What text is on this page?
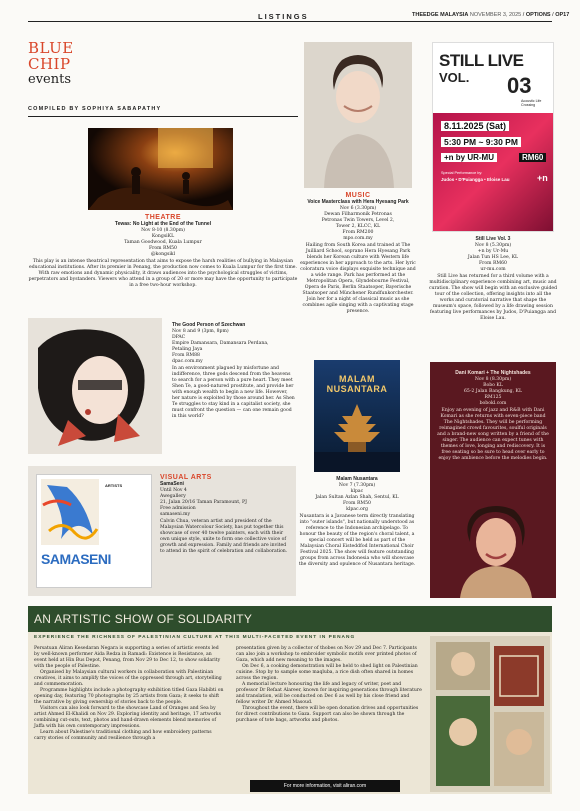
LISTINGS	THEEDGE MALAYSIA NOVEMBER 3, 2025 / OPTIONS / OP17
BLUE
CHIP
events
COMPILED BY SOPHIYA SABAPATHY
THEATRE
Tewas: No Light at the End of the Tunnel
Nov 8-10 (8.30pm)
KongsiKL
Taman Goodwood, Kuala Lumpur
From RM50
@kongsikl
This play is an intense theatrical representation that aims to expose the harsh realities of bullying in Malaysian educational institutions. After its premier in Penang, the production now comes to Kuala Lumpur for the first time. With raw emotions and dynamic physicality, it draws audiences into the psychological struggles of victims, perpetrators and bystanders. Viewers who attend in a group of 20 or more may have the opportunity to participate in a free two-hour workshop.
MUSIC
Voice Masterclass with Hera Hyesang Park
Nov 6 (3.30pm)
Dewan Filharmonik Petronas
Petronas Twin Towers, Level 2,
Tower 2, KLCC, KL
From RM200
mpo.com.my
Hailing from South Korea and trained at The Juilliard School, soprano Hera Hyesang Park blends her Korean culture with Western life experiences in her approach to the arts. Her lyric coloratura voice displays exquisite technique and a wide range. Park has performed at the Metropolitan Opera, Glyndebourne Festival, Opera de Paris, Berlin Staatsoper, Bayerische Staatsoper and Münchener Rundfunkorchester. Join her for a night of classical music as she combines agile singing with a captivating stage presence.
STILL LIVE
VOL. 03
Acoustic Life Crossing
8.11.2025 (Sat)
5:30 PM ~ 9:30 PM
+n by UR-MU	RM60
Special Performance by:
Judos • D'Puiangga • Eloise Lau	+n
Still Live Vol. 3
Nov 8 (5.30pm)
+n by Ur-Mu
Jalan Tun HS Lee, KL
From RM60
ur-mu.com
Still Live has returned for a third volume with a multidisciplinary experience combining art, music and curation. The show will begin with an exclusive guided tour of the collection, offering insights into all the works and curatorial narrative that shape the museum's space, followed by a life drawing session featuring live performances by Judos, D'Puiangga and Eloise Lau.
The Good Person of Szechwan
Nov 8 and 9 (3pm, 8pm)
DPAC
Empire Damansara, Damansara Perdana,
Petaling Jaya
From RM88
dpac.com.my
In an environment plagued by misfortune and indifference, three gods descend from the heavens to search for a person with a pure heart. They meet Shen Te, a good-natured prostitute, and provide her with enough wealth to begin a new life. However, her nature is exploited by those around her. As Shen Te struggles to stay kind in a capitalist society, she must confront the question — can one remain good in this world?
MALAM
NUSANTARA
Malam Nusantara
Nov 7 (7.30pm)
klpac
Jalan Sultan Azlan Shah, Sentul, KL
From RM50
klpac.org
Nusantara is a Javanese term directly translating into "outer islands", but nationally understood as reference to the Indonesian archipelago. To honour the beauty of the region's choral talent, a special concert will be held as part of the Malaysian Choral Eisteddfod International Choir Festival 2025. The show will feature outstanding groups from across Indonesia who will showcase the diversity and opulence of Nusantara heritage.
Dani Komari + The Nightshades
Nov 8 (8.30pm)
Bobo KL
65-2 Jalan Bangkung, KL
RM125
bobokl.com
Enjoy an evening of jazz and R&B with Dani Komari as she returns with seven-piece band The Nightshades. They will be performing reimagined crowd favourites, soulful originals and a brand-new song written by a friend of the singer. The audience can expect tunes with themes of love, longing and rediscovery. It is free seating so be sure to head over early to enjoy the ambience before the melodies begin.
ARTISTS
SAMASENI
VISUAL ARTS
SamaSeni
Until Nov 4
Awegallery
21, Jalan 20/16 Taman Paramount, PJ
Free admission
samaseni.my
Calvin Chua, veteran artist and president of the Malaysian Watercolour Society, has put together this showcase of over 40 twelve painters, each with their own unique style, unite to form one collective voice of growth and expression. Family and friends are invited to attend in the spirit of celebration and collaboration.
AN ARTISTIC SHOW OF SOLIDARITY
EXPERIENCE THE RICHNESS OF PALESTINIAN CULTURE AT THIS MULTI-FACETED EVENT IN PENANG

Persatuan Aliran Kesedaran Negara is supporting a series of artistic events led by well-known performer Aida Redza in Ramadi: Existence is Resistance, an event held at Hin Bus Depot, Penang, from Nov 29 to Dec 12, to show solidarity with the people of Palestine.

Organised by Malaysian cultural workers in collaboration with Palestinian creatives, it aims to amplify the voices of the oppressed through art, storytelling and commemoration.

Programme highlights include a photography exhibition titled Gaza Habibti on opening day, featuring 70 photographs by 25 artists from Gaza; it seeks to shift the narrative by giving ownership of stories back to the people.

Visitors can also look forward to the showcase Land of Oranges and Sea by artist Ahmed El-Khalidi on Nov 29. Exploring identity and heritage, 17 artworks combining cut-outs, text, photos and hand-drawn elements blend memories of Jaffa with his own contemporary impressions.

Learn about Palestine's traditional clothing and how embroidery patterns carry stories of community and resilience through a

presentation given by a collector of thobes on Nov 29 and Dec 7. Participants can also join a workshop to embroider symbolic motifs over printed photos of Gaza, which add new meaning to the images.

On Dec 6, a cooking demonstration will be held to shed light on Palestinian cuisine. Stop by to sample some maqluba, a rice dish often shared in homes across the region.

A memorial lecture honouring the life and legacy of writer, poet and professor Dr Refaat Alareer, known for inspiring generations through literature and translation, will be conducted on Dec 6 as well by his close friend and fellow writer Dr Ahmed Masoud.

Throughout the event, there will be open donation drives and opportunities for direct contributions to Gaza. Support can also be shown through the purchase of tote bags, artworks and photos.

For more information, visit aliran.com
